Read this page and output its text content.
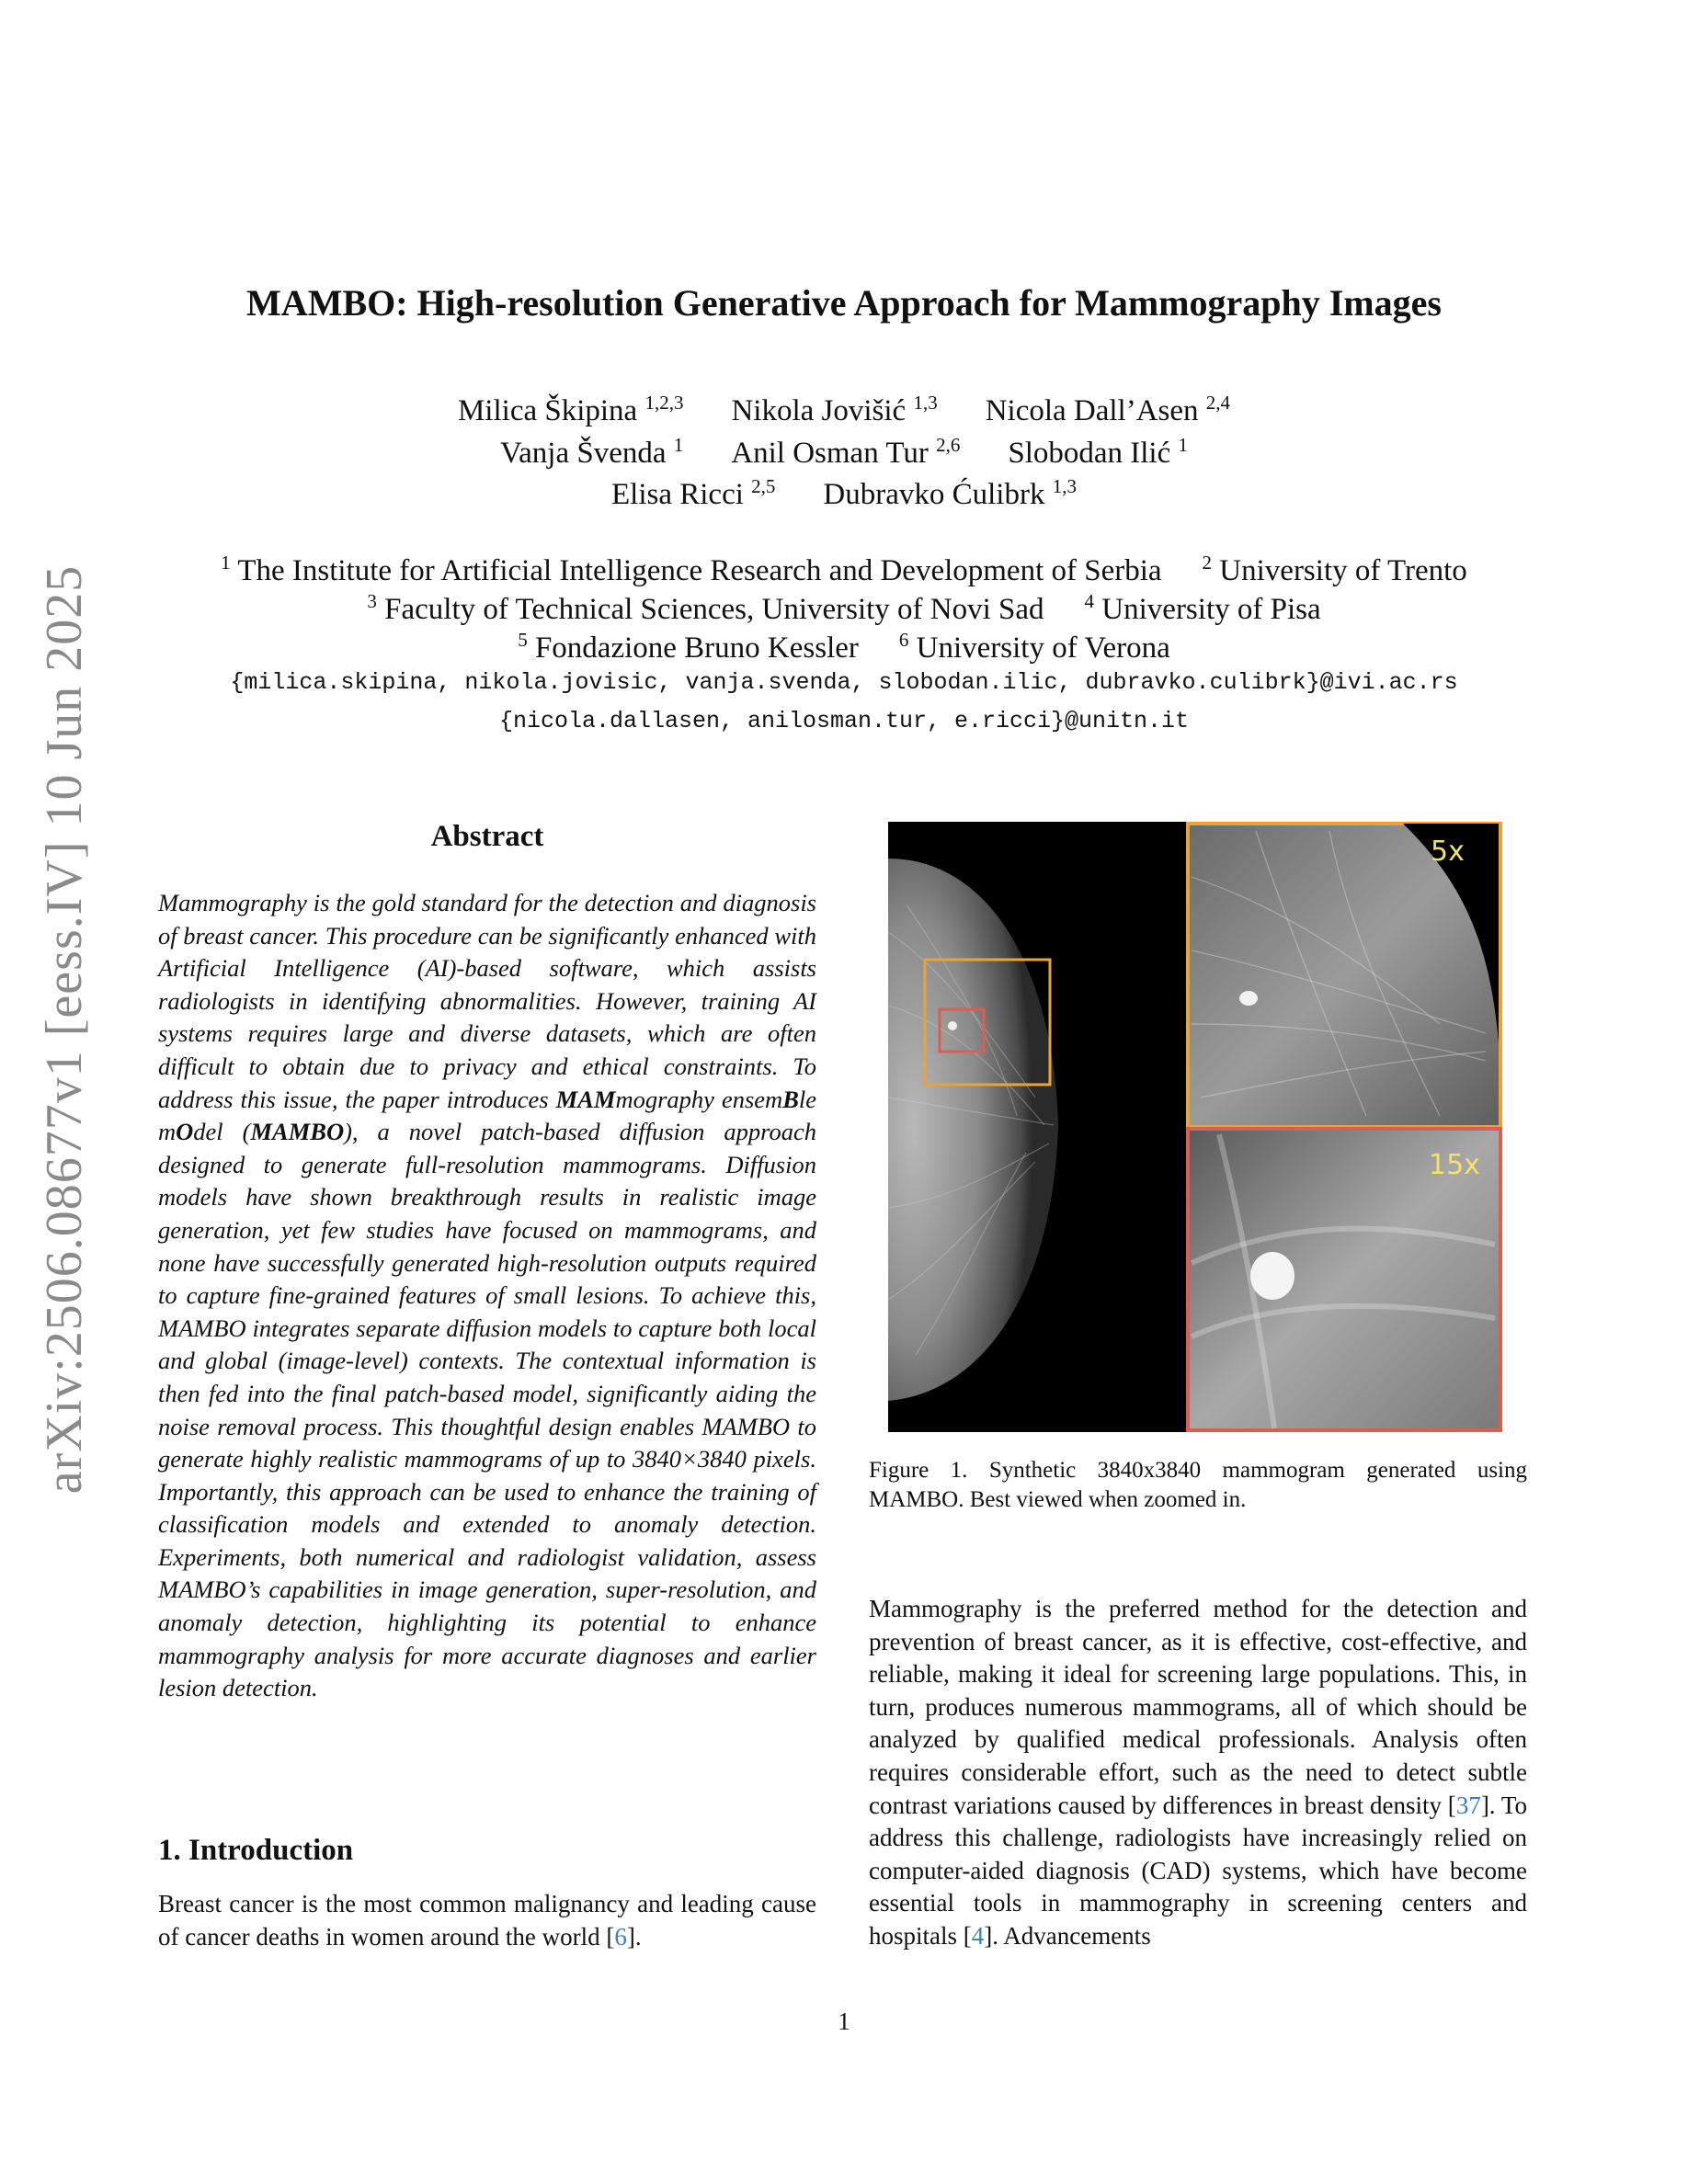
arXiv:2506.08677v1 [eess.IV] 10 Jun 2025
MAMBO: High-resolution Generative Approach for Mammography Images
Milica Škipina $^{1,2,3}$ Nikola Jovišić $^{1,3}$ Nicola Dall’Asen $^{2,4}$
Vanja Švenda $^1$ Anil Osman Tur $^{2,6}$ Slobodan Ilić $^1$
Elisa Ricci $^{2,5}$ Dubravko Ćulibrk $^{1,3}$
$^1$ The Institute for Artificial Intelligence Research and Development of Serbia $^2$ University of Trento
$^3$ Faculty of Technical Sciences, University of Novi Sad $^4$ University of Pisa
$^5$ Fondazione Bruno Kessler $^6$ University of Verona
{milica.skipina, nikola.jovisic, vanja.svenda, slobodan.ilic, dubravko.culibrk}@ivi.ac.rs
{nicola.dallasen, anilosman.tur, e.ricci}@unitn.it
Abstract
Mammography is the gold standard for the detection and diagnosis of breast cancer. This procedure can be significantly enhanced with Artificial Intelligence (AI)-based software, which assists radiologists in identifying abnormalities. However, training AI systems requires large and diverse datasets, which are often difficult to obtain due to privacy and ethical constraints. To address this issue, the paper introduces MAMmography ensemBle mOdel (MAMBO), a novel patch-based diffusion approach designed to generate full-resolution mammograms. Diffusion models have shown breakthrough results in realistic image generation, yet few studies have focused on mammograms, and none have successfully generated high-resolution outputs required to capture fine-grained features of small lesions. To achieve this, MAMBO integrates separate diffusion models to capture both local and global (image-level) contexts. The contextual information is then fed into the final patch-based model, significantly aiding the noise removal process. This thoughtful design enables MAMBO to generate highly realistic mammograms of up to 3840×3840 pixels. Importantly, this approach can be used to enhance the training of classification models and extended to anomaly detection. Experiments, both numerical and radiologist validation, assess MAMBO’s capabilities in image generation, super-resolution, and anomaly detection, highlighting its potential to enhance mammography analysis for more accurate diagnoses and earlier lesion detection.
1. Introduction
Breast cancer is the most common malignancy and leading cause of cancer deaths in women around the world [6].
5x
15x
Figure 1. Synthetic 3840x3840 mammogram generated using MAMBO. Best viewed when zoomed in.
Mammography is the preferred method for the detection and prevention of breast cancer, as it is effective, cost-effective, and reliable, making it ideal for screening large populations. This, in turn, produces numerous mammograms, all of which should be analyzed by qualified medical professionals. Analysis often requires considerable effort, such as the need to detect subtle contrast variations caused by differences in breast density [37]. To address this challenge, radiologists have increasingly relied on computer-aided diagnosis (CAD) systems, which have become essential tools in mammography in screening centers and hospitals [4]. Advancements
1
